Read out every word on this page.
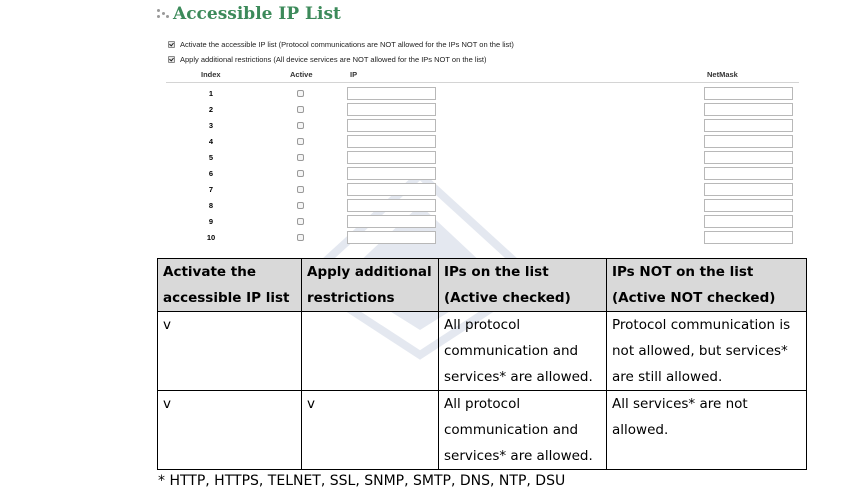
Accessible IP List
Activate the accessible IP list (Protocol communications are NOT allowed for the IPs NOT on the list)
Apply additional restrictions (All device services are NOT allowed for the IPs NOT on the list)
Index	Active	IP	NetMask
1
2
3
4
5
6
7
8
9
10
Activate the accessible IP list	Apply additional restrictions	IPs on the list (Active checked)	IPs NOT on the list (Active NOT checked)
v		All protocol communication and services* are allowed.	Protocol communication is not allowed, but services* are still allowed.
v	v	All protocol communication and services* are allowed.	All services* are not allowed.
* HTTP, HTTPS, TELNET, SSL, SNMP, SMTP, DNS, NTP, DSU
